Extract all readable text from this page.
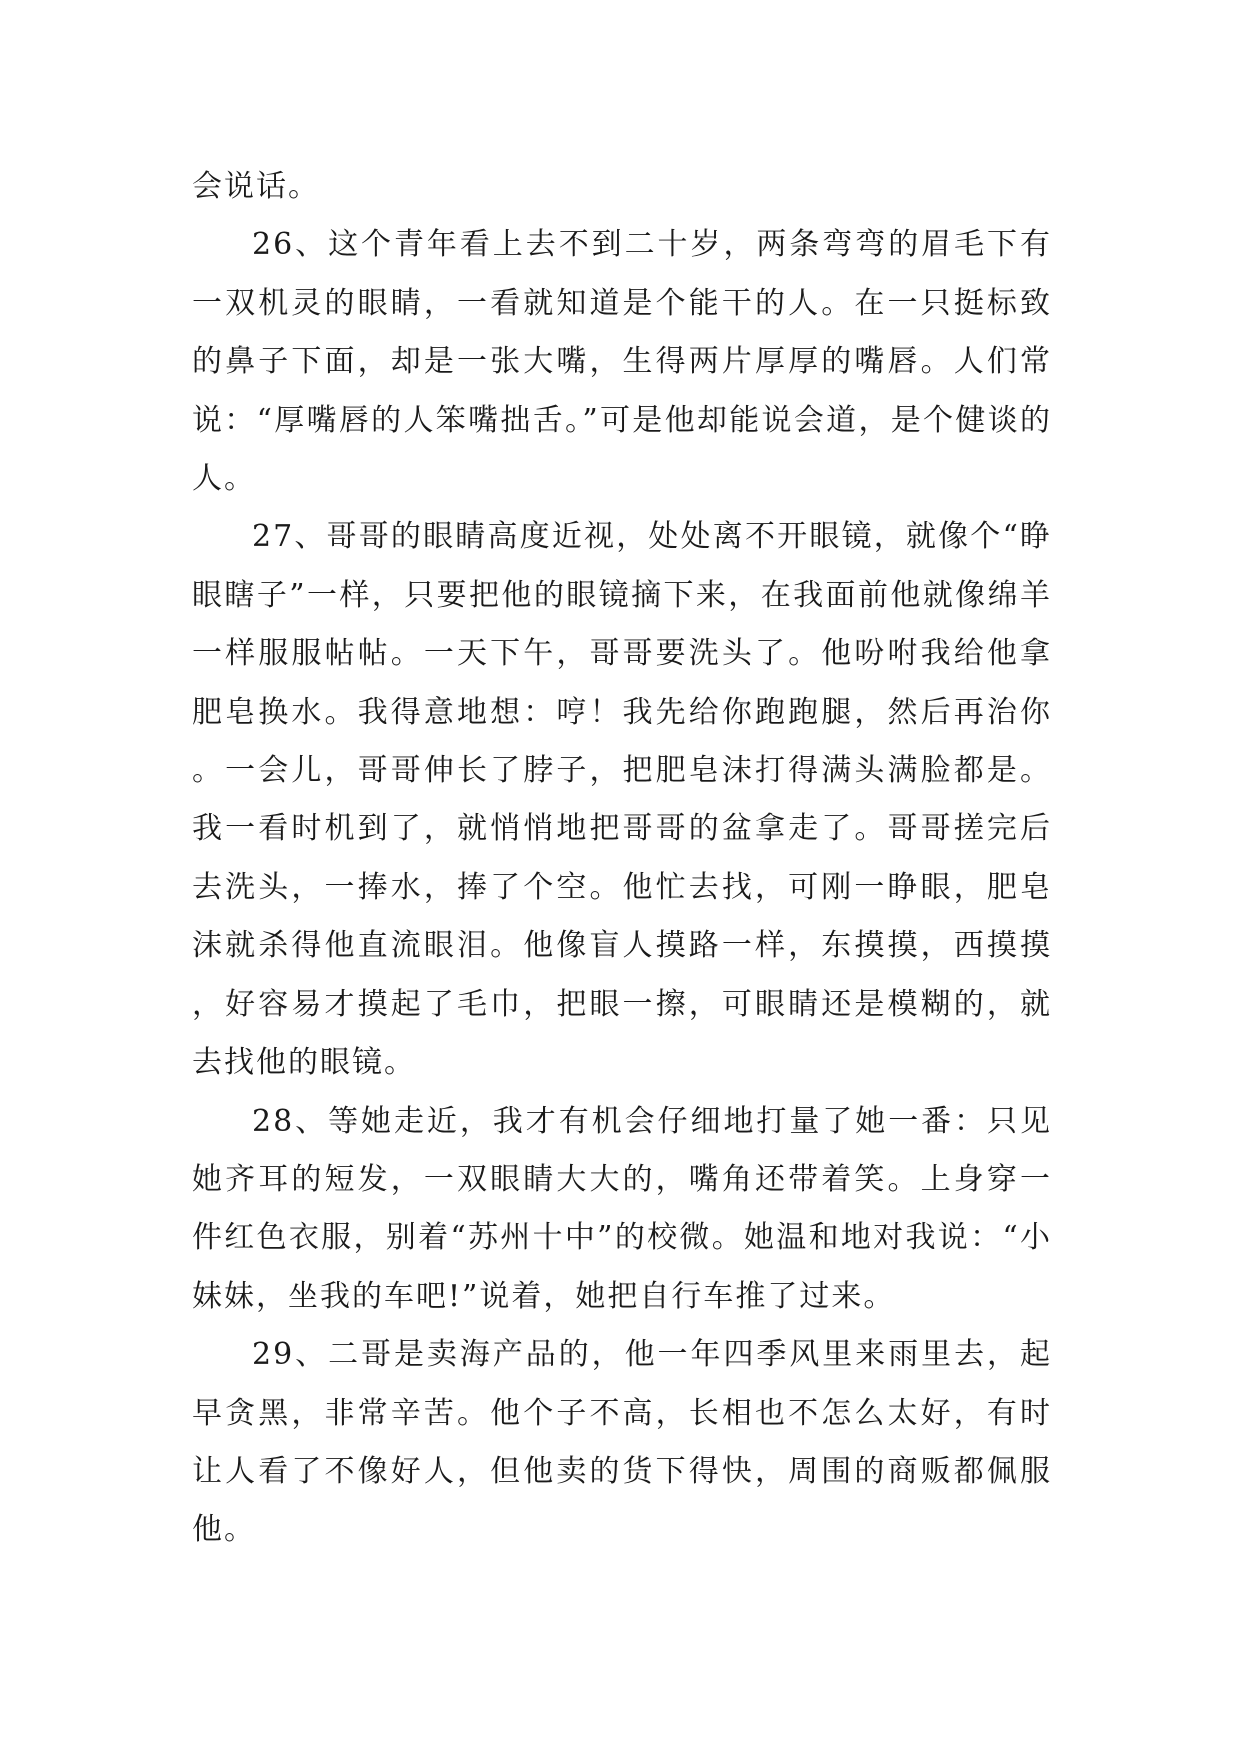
会说话。

26、这个青年看上去不到二十岁，两条弯弯的眉毛下有一双机灵的眼睛，一看就知道是个能干的人。在一只挺标致的鼻子下面，却是一张大嘴，生得两片厚厚的嘴唇。人们常说：“厚嘴唇的人笨嘴拙舌。”可是他却能说会道，是个健谈的人。

27、哥哥的眼睛高度近视，处处离不开眼镜，就像个“睁眼瞎子”一样，只要把他的眼镜摘下来，在我面前他就像绵羊一样服服帖帖。一天下午，哥哥要洗头了。他吩咐我给他拿肥皂换水。我得意地想：哼！我先给你跑跑腿，然后再治你。一会儿，哥哥伸长了脖子，把肥皂沫打得满头满脸都是。我一看时机到了，就悄悄地把哥哥的盆拿走了。哥哥搓完后去洗头，一捧水，捧了个空。他忙去找，可刚一睁眼，肥皂沫就杀得他直流眼泪。他像盲人摸路一样，东摸摸，西摸摸，好容易才摸起了毛巾，把眼一擦，可眼睛还是模糊的，就去找他的眼镜。

28、等她走近，我才有机会仔细地打量了她一番：只见她齐耳的短发，一双眼睛大大的，嘴角还带着笑。上身穿一件红色衣服，别着“苏州十中”的校微。她温和地对我说：“小妹妹，坐我的车吧!”说着，她把自行车推了过来。

29、二哥是卖海产品的，他一年四季风里来雨里去，起早贪黑，非常辛苦。他个子不高，长相也不怎么太好，有时让人看了不像好人，但他卖的货下得快，周围的商贩都佩服他。
